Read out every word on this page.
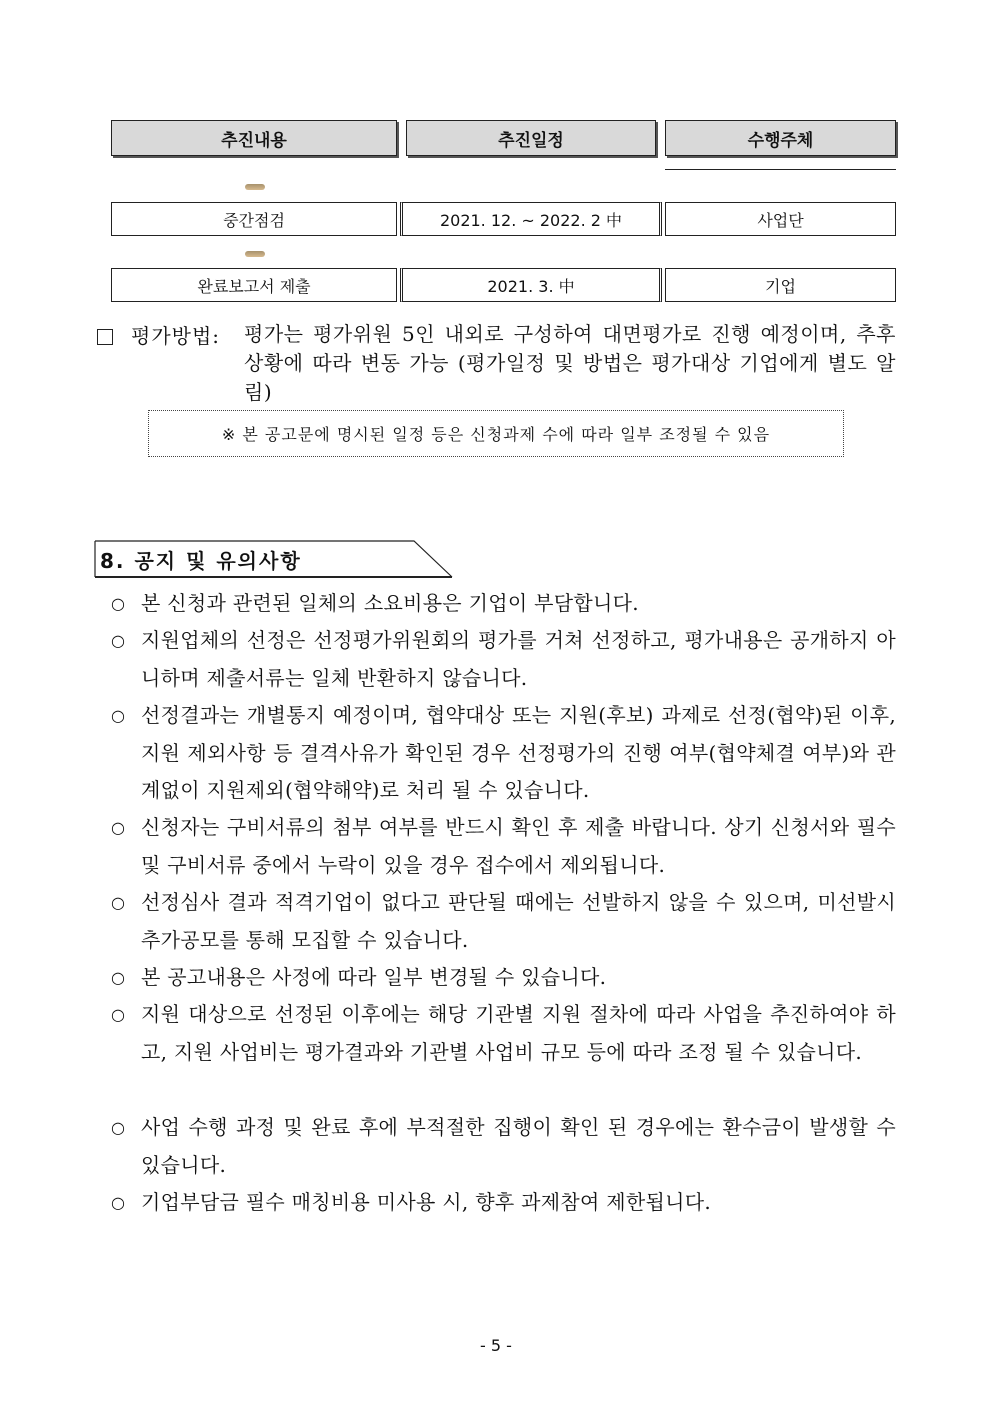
추진내용	추진일정	수행주체
중간점검	2021. 12. ~ 2022. 2 中	사업단
완료보고서 제출	2021. 3. 中	기업
평가방법: 평가는 평가위원 5인 내외로 구성하여 대면평가로 진행 예정이며, 추후 상황에 따라 변동 가능 (평가일정 및 방법은 평가대상 기업에게 별도 알림)
※ 본 공고문에 명시된 일정 등은 신청과제 수에 따라 일부 조정될 수 있음
8. 공지 및 유의사항
○ 본 신청과 관련된 일체의 소요비용은 기업이 부담합니다.
○ 지원업체의 선정은 선정평가위원회의 평가를 거쳐 선정하고, 평가내용은 공개하지 아니하며 제출서류는 일체 반환하지 않습니다.
○ 선정결과는 개별통지 예정이며, 협약대상 또는 지원(후보) 과제로 선정(협약)된 이후, 지원 제외사항 등 결격사유가 확인된 경우 선정평가의 진행 여부(협약체결 여부)와 관계없이 지원제외(협약해약)로 처리 될 수 있습니다.
○ 신청자는 구비서류의 첨부 여부를 반드시 확인 후 제출 바랍니다. 상기 신청서와 필수 및 구비서류 중에서 누락이 있을 경우 접수에서 제외됩니다.
○ 선정심사 결과 적격기업이 없다고 판단될 때에는 선발하지 않을 수 있으며, 미선발시 추가공모를 통해 모집할 수 있습니다.
○ 본 공고내용은 사정에 따라 일부 변경될 수 있습니다.
○ 지원 대상으로 선정된 이후에는 해당 기관별 지원 절차에 따라 사업을 추진하여야 하고, 지원 사업비는 평가결과와 기관별 사업비 규모 등에 따라 조정 될 수 있습니다.
○ 사업 수행 과정 및 완료 후에 부적절한 집행이 확인 된 경우에는 환수금이 발생할 수 있습니다.
○ 기업부담금 필수 매칭비용 미사용 시, 향후 과제참여 제한됩니다.
- 5 -
